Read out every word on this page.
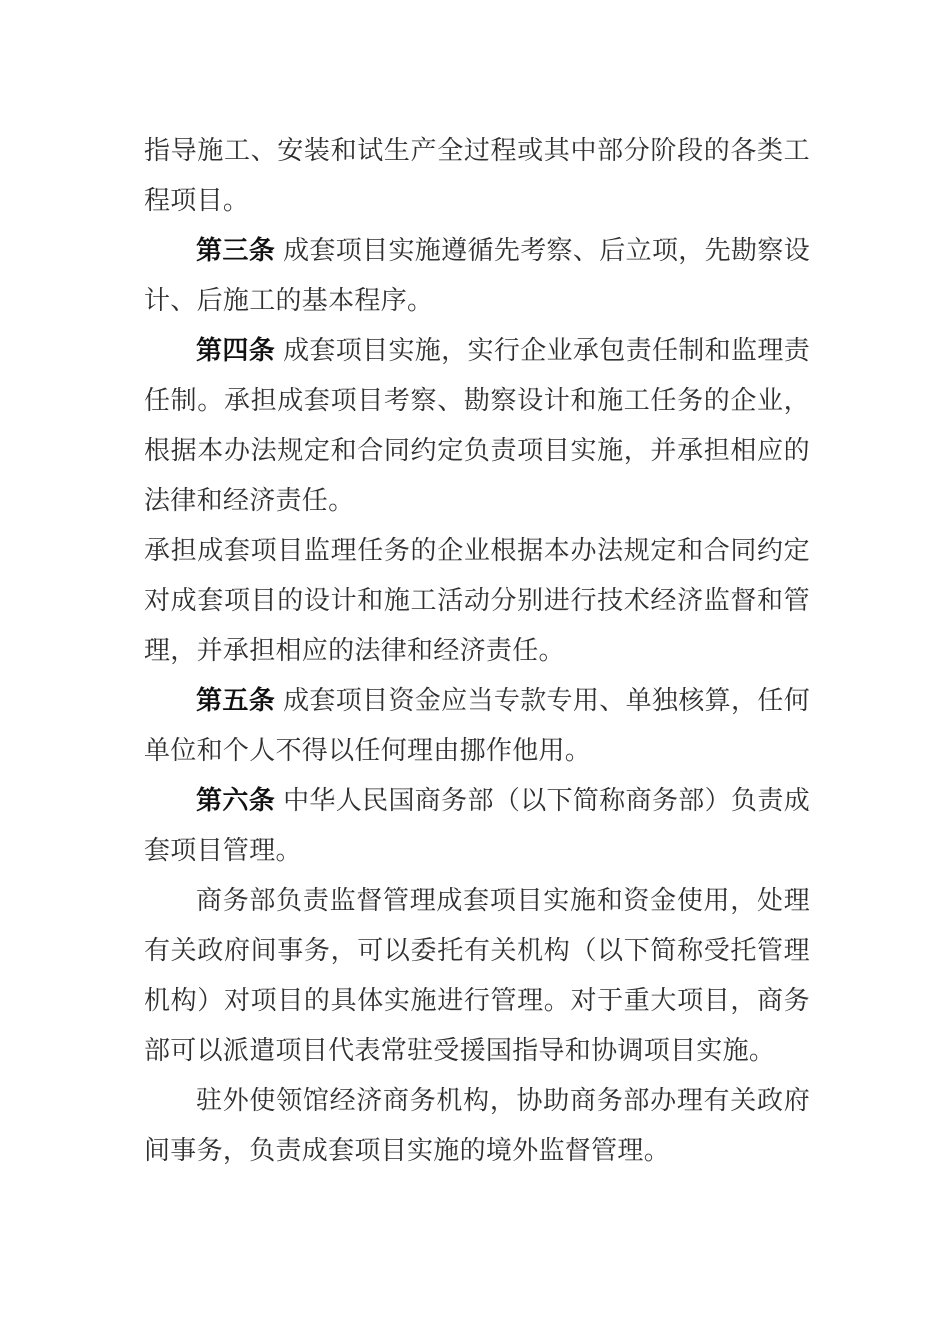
指导施工、安装和试生产全过程或其中部分阶段的各类工程项目。

第三条 成套项目实施遵循先考察、后立项，先勘察设计、后施工的基本程序。

第四条 成套项目实施，实行企业承包责任制和监理责任制。承担成套项目考察、勘察设计和施工任务的企业，根据本办法规定和合同约定负责项目实施，并承担相应的法律和经济责任。

承担成套项目监理任务的企业根据本办法规定和合同约定对成套项目的设计和施工活动分别进行技术经济监督和管理，并承担相应的法律和经济责任。

第五条 成套项目资金应当专款专用、单独核算，任何单位和个人不得以任何理由挪作他用。

第六条 中华人民国商务部（以下简称商务部）负责成套项目管理。

商务部负责监督管理成套项目实施和资金使用，处理有关政府间事务，可以委托有关机构（以下简称受托管理机构）对项目的具体实施进行管理。对于重大项目，商务部可以派遣项目代表常驻受援国指导和协调项目实施。

驻外使领馆经济商务机构，协助商务部办理有关政府间事务，负责成套项目实施的境外监督管理。
